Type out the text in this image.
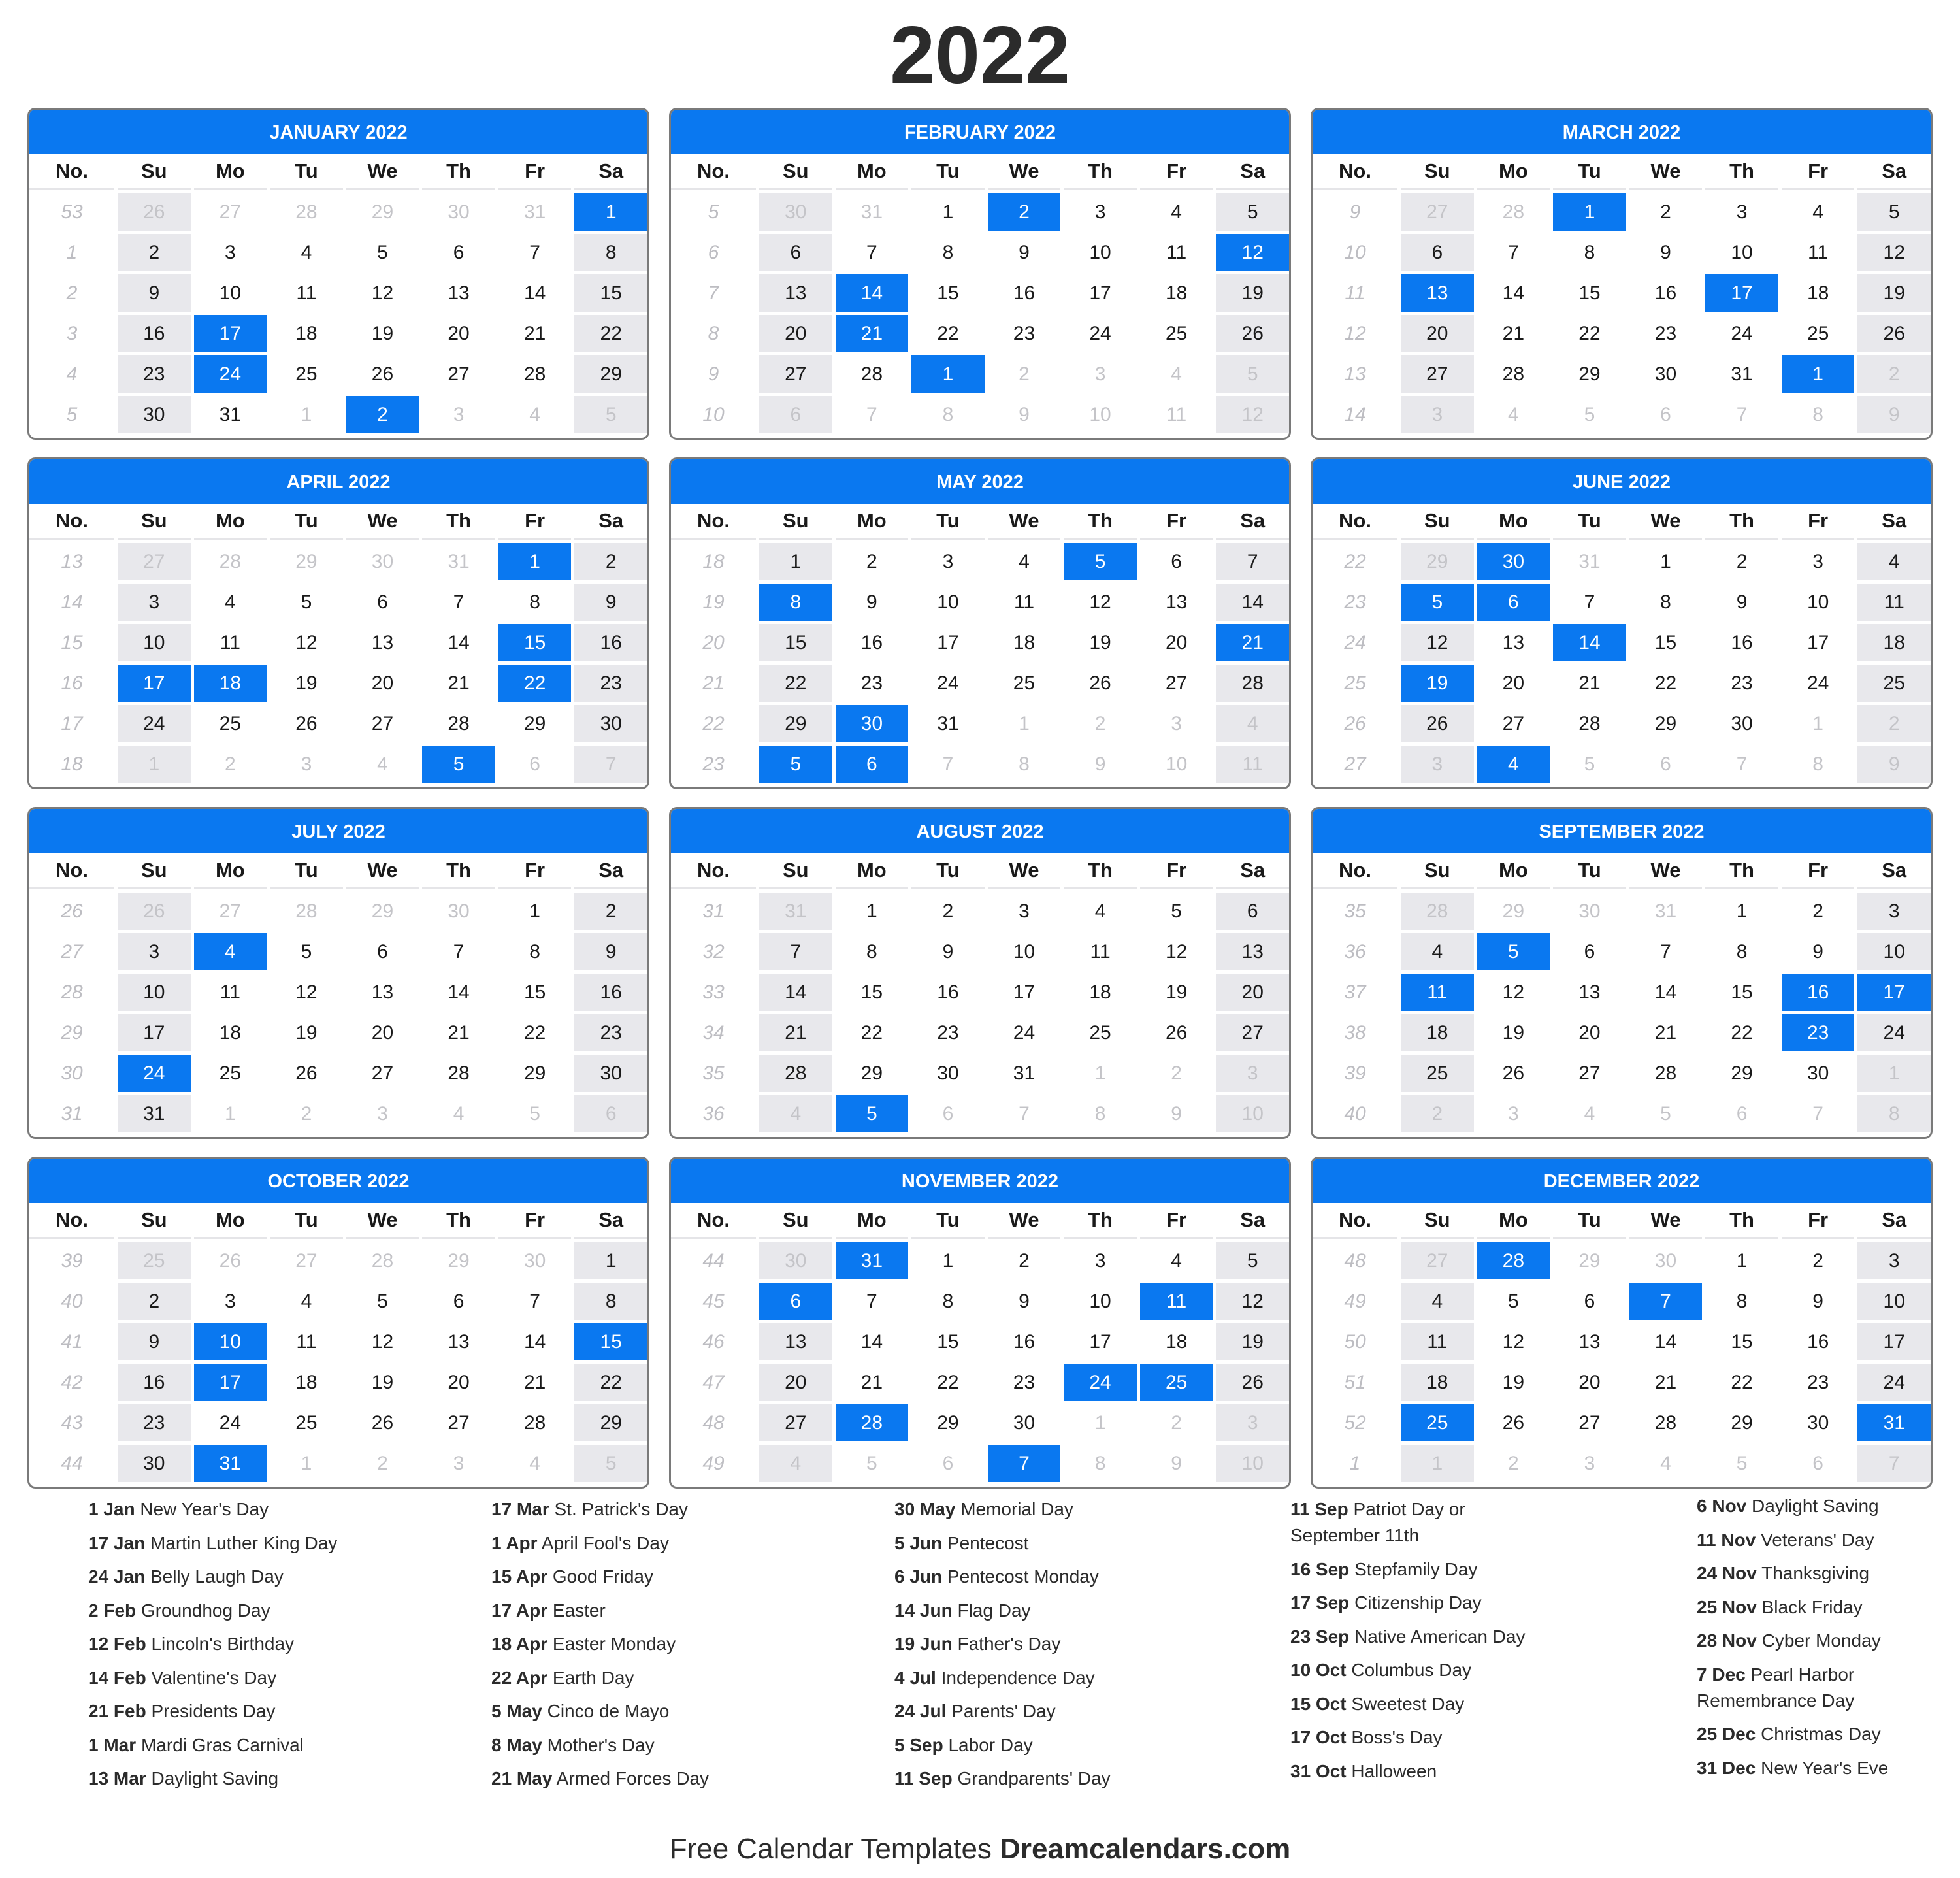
2022
JANUARY 2022
No.	Su	Mo	Tu	We	Th	Fr	Sa
53	26	27	28	29	30	31	1
1	2	3	4	5	6	7	8
2	9	10	11	12	13	14	15
3	16	17	18	19	20	21	22
4	23	24	25	26	27	28	29
5	30	31	1	2	3	4	5
FEBRUARY 2022
No.	Su	Mo	Tu	We	Th	Fr	Sa
5	30	31	1	2	3	4	5
6	6	7	8	9	10	11	12
7	13	14	15	16	17	18	19
8	20	21	22	23	24	25	26
9	27	28	1	2	3	4	5
10	6	7	8	9	10	11	12
MARCH 2022
No.	Su	Mo	Tu	We	Th	Fr	Sa
9	27	28	1	2	3	4	5
10	6	7	8	9	10	11	12
11	13	14	15	16	17	18	19
12	20	21	22	23	24	25	26
13	27	28	29	30	31	1	2
14	3	4	5	6	7	8	9
APRIL 2022
No.	Su	Mo	Tu	We	Th	Fr	Sa
13	27	28	29	30	31	1	2
14	3	4	5	6	7	8	9
15	10	11	12	13	14	15	16
16	17	18	19	20	21	22	23
17	24	25	26	27	28	29	30
18	1	2	3	4	5	6	7
MAY 2022
No.	Su	Mo	Tu	We	Th	Fr	Sa
18	1	2	3	4	5	6	7
19	8	9	10	11	12	13	14
20	15	16	17	18	19	20	21
21	22	23	24	25	26	27	28
22	29	30	31	1	2	3	4
23	5	6	7	8	9	10	11
JUNE 2022
No.	Su	Mo	Tu	We	Th	Fr	Sa
22	29	30	31	1	2	3	4
23	5	6	7	8	9	10	11
24	12	13	14	15	16	17	18
25	19	20	21	22	23	24	25
26	26	27	28	29	30	1	2
27	3	4	5	6	7	8	9
JULY 2022
No.	Su	Mo	Tu	We	Th	Fr	Sa
26	26	27	28	29	30	1	2
27	3	4	5	6	7	8	9
28	10	11	12	13	14	15	16
29	17	18	19	20	21	22	23
30	24	25	26	27	28	29	30
31	31	1	2	3	4	5	6
AUGUST 2022
No.	Su	Mo	Tu	We	Th	Fr	Sa
31	31	1	2	3	4	5	6
32	7	8	9	10	11	12	13
33	14	15	16	17	18	19	20
34	21	22	23	24	25	26	27
35	28	29	30	31	1	2	3
36	4	5	6	7	8	9	10
SEPTEMBER 2022
No.	Su	Mo	Tu	We	Th	Fr	Sa
35	28	29	30	31	1	2	3
36	4	5	6	7	8	9	10
37	11	12	13	14	15	16	17
38	18	19	20	21	22	23	24
39	25	26	27	28	29	30	1
40	2	3	4	5	6	7	8
OCTOBER 2022
No.	Su	Mo	Tu	We	Th	Fr	Sa
39	25	26	27	28	29	30	1
40	2	3	4	5	6	7	8
41	9	10	11	12	13	14	15
42	16	17	18	19	20	21	22
43	23	24	25	26	27	28	29
44	30	31	1	2	3	4	5
NOVEMBER 2022
No.	Su	Mo	Tu	We	Th	Fr	Sa
44	30	31	1	2	3	4	5
45	6	7	8	9	10	11	12
46	13	14	15	16	17	18	19
47	20	21	22	23	24	25	26
48	27	28	29	30	1	2	3
49	4	5	6	7	8	9	10
DECEMBER 2022
No.	Su	Mo	Tu	We	Th	Fr	Sa
48	27	28	29	30	1	2	3
49	4	5	6	7	8	9	10
50	11	12	13	14	15	16	17
51	18	19	20	21	22	23	24
52	25	26	27	28	29	30	31
1	1	2	3	4	5	6	7
1 Jan New Year's Day
17 Jan Martin Luther King Day
24 Jan Belly Laugh Day
2 Feb Groundhog Day
12 Feb Lincoln's Birthday
14 Feb Valentine's Day
21 Feb Presidents Day
1 Mar Mardi Gras Carnival
13 Mar Daylight Saving
17 Mar St. Patrick's Day
1 Apr April Fool's Day
15 Apr Good Friday
17 Apr Easter
18 Apr Easter Monday
22 Apr Earth Day
5 May Cinco de Mayo
8 May Mother's Day
21 May Armed Forces Day
30 May Memorial Day
5 Jun Pentecost
6 Jun Pentecost Monday
14 Jun Flag Day
19 Jun Father's Day
4 Jul Independence Day
24 Jul Parents' Day
5 Sep Labor Day
11 Sep Grandparents' Day
11 Sep Patriot Day or September 11th
16 Sep Stepfamily Day
17 Sep Citizenship Day
23 Sep Native American Day
10 Oct Columbus Day
15 Oct Sweetest Day
17 Oct Boss's Day
31 Oct Halloween
6 Nov Daylight Saving
11 Nov Veterans' Day
24 Nov Thanksgiving
25 Nov Black Friday
28 Nov Cyber Monday
7 Dec Pearl Harbor Remembrance Day
25 Dec Christmas Day
31 Dec New Year's Eve
Free Calendar Templates Dreamcalendars.com
